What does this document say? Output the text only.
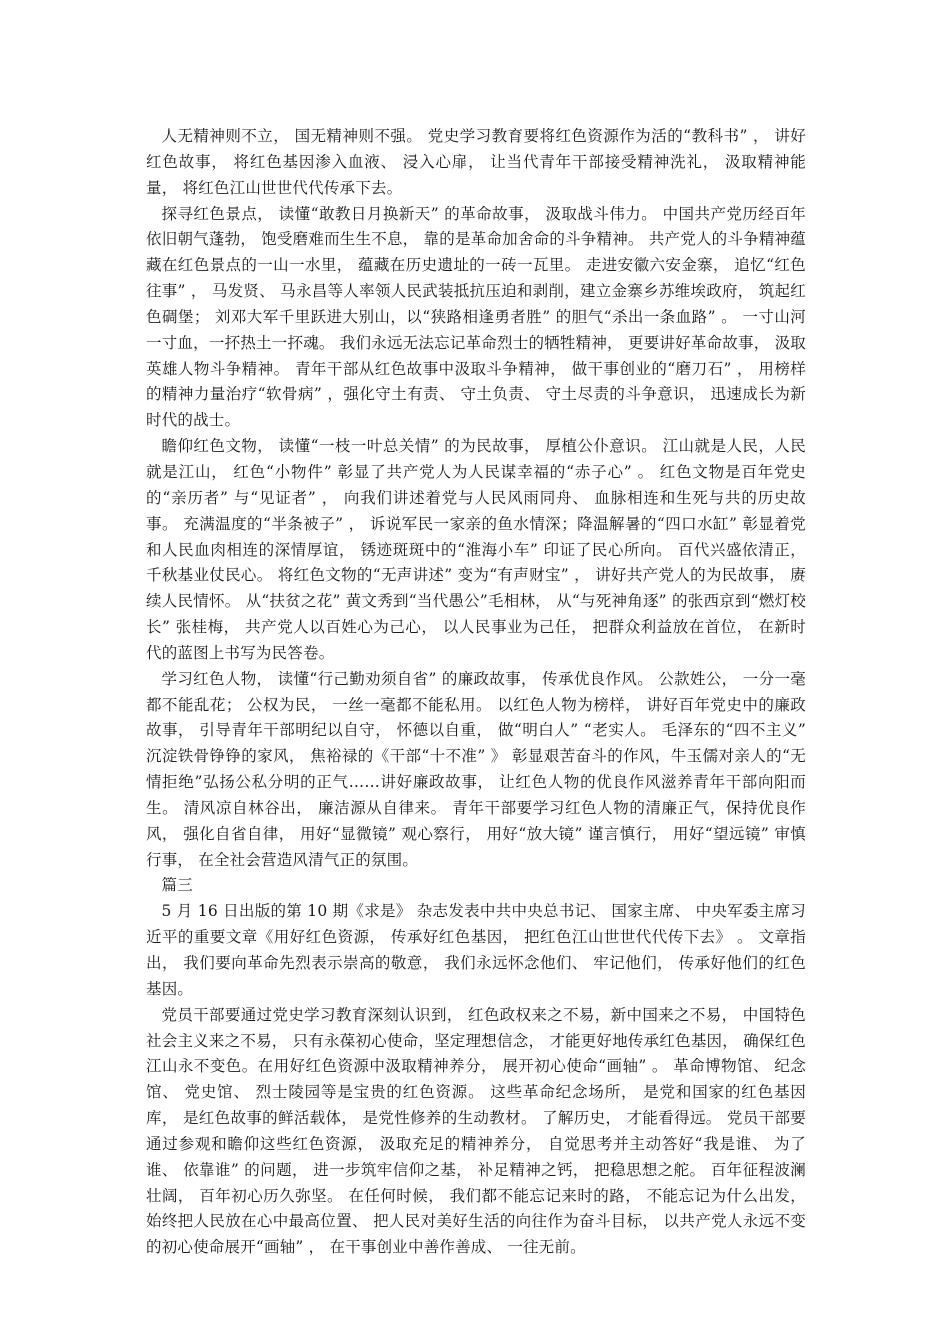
人无精神则不立， 国无精神则不强。 党史学习教育要将红色资源作为活的“教科书” ， 讲好红色故事， 将红色基因渗入血液、 浸入心扉， 让当代青年干部接受精神洗礼， 汲取精神能量， 将红色江山世世代代传承下去。

探寻红色景点， 读懂“敢教日月换新天” 的革命故事， 汲取战斗伟力。 中国共产党历经百年依旧朝气蓬勃， 饱受磨难而生生不息， 靠的是革命加舍命的斗争精神。 共产党人的斗争精神蕴藏在红色景点的一山一水里， 蕴藏在历史遗址的一砖一瓦里。 走进安徽六安金寨， 追忆“红色往事” ， 马发贤、 马永昌等人率领人民武装抵抗压迫和剥削，建立金寨乡苏维埃政府， 筑起红色碉堡； 刘邓大军千里跃进大别山，以“狭路相逢勇者胜” 的胆气“杀出一条血路” 。 一寸山河一寸血，一抔热土一抔魂。 我们永远无法忘记革命烈士的牺牲精神， 更要讲好革命故事， 汲取英雄人物斗争精神。 青年干部从红色故事中汲取斗争精神， 做干事创业的“磨刀石” ， 用榜样的精神力量治疗“软骨病” ，强化守土有责、 守土负责、 守土尽责的斗争意识， 迅速成长为新时代的战士。

瞻仰红色文物， 读懂“一枝一叶总关情” 的为民故事， 厚植公仆意识。 江山就是人民，人民就是江山， 红色“小物件” 彰显了共产党人为人民谋幸福的“赤子心” 。 红色文物是百年党史的“亲历者” 与“见证者” ， 向我们讲述着党与人民风雨同舟、 血脉相连和生死与共的历史故事。 充满温度的“半条被子” ， 诉说军民一家亲的鱼水情深；降温解暑的“四口水缸” 彰显着党和人民血肉相连的深情厚谊， 锈迹斑斑中的“淮海小车” 印证了民心所向。 百代兴盛依清正， 千秋基业仗民心。 将红色文物的“无声讲述” 变为“有声财宝” ， 讲好共产党人的为民故事， 赓续人民情怀。 从“扶贫之花” 黄文秀到“当代愚公”毛相林， 从“与死神角逐” 的张西京到“燃灯校长” 张桂梅， 共产党人以百姓心为己心， 以人民事业为己任， 把群众利益放在首位， 在新时代的蓝图上书写为民答卷。

学习红色人物， 读懂“行己勤劝须自省” 的廉政故事， 传承优良作风。 公款姓公， 一分一毫都不能乱花； 公权为民， 一丝一毫都不能私用。 以红色人物为榜样， 讲好百年党史中的廉政故事， 引导青年干部明纪以自守， 怀德以自重， 做“明白人” “老实人。 毛泽东的“四不主义” 沉淀铁骨铮铮的家风， 焦裕禄的《干部“十不准” 》 彰显艰苦奋斗的作风，牛玉儒对亲人的“无情拒绝”弘扬公私分明的正气……讲好廉政故事， 让红色人物的优良作风滋养青年干部向阳而生。 清风凉自林谷出， 廉洁源从自律来。 青年干部要学习红色人物的清廉正气，保持优良作风， 强化自省自律， 用好“显微镜” 观心察行， 用好“放大镜” 谨言慎行， 用好“望远镜” 审慎行事， 在全社会营造风清气正的氛围。

篇三

5 月 16 日出版的第 10 期《求是》 杂志发表中共中央总书记、 国家主席、 中央军委主席习近平的重要文章《用好红色资源， 传承好红色基因， 把红色江山世世代代传下去》 。 文章指出， 我们要向革命先烈表示崇高的敬意， 我们永远怀念他们、 牢记他们， 传承好他们的红色基因。

党员干部要通过党史学习教育深刻认识到， 红色政权来之不易，新中国来之不易， 中国特色社会主义来之不易， 只有永葆初心使命，坚定理想信念， 才能更好地传承红色基因， 确保红色江山永不变色。在用好红色资源中汲取精神养分， 展开初心使命“画轴” 。 革命博物馆、 纪念馆、 党史馆、 烈士陵园等是宝贵的红色资源。 这些革命纪念场所， 是党和国家的红色基因库， 是红色故事的鲜活载体， 是党性修养的生动教材。 了解历史， 才能看得远。 党员干部要通过参观和瞻仰这些红色资源， 汲取充足的精神养分， 自觉思考并主动答好“我是谁、 为了谁、 依靠谁” 的问题， 进一步筑牢信仰之基， 补足精神之钙， 把稳思想之舵。 百年征程波澜壮阔， 百年初心历久弥坚。 在任何时候， 我们都不能忘记来时的路， 不能忘记为什么出发， 始终把人民放在心中最高位置、 把人民对美好生活的向往作为奋斗目标， 以共产党人永远不变的初心使命展开“画轴” ， 在干事创业中善作善成、 一往无前。
